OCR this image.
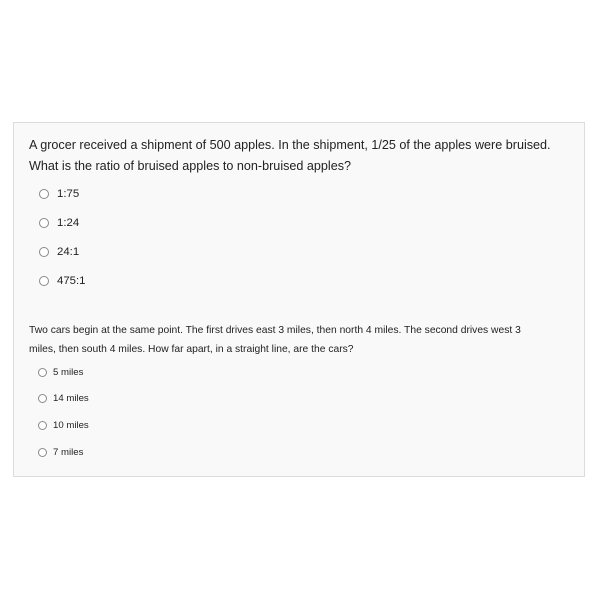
A grocer received a shipment of 500 apples. In the shipment, 1/25 of the apples were bruised. What is the ratio of bruised apples to non-bruised apples?

1:75
1:24
24:1
475:1

Two cars begin at the same point. The first drives east 3 miles, then north 4 miles. The second drives west 3 miles, then south 4 miles. How far apart, in a straight line, are the cars?

5 miles
14 miles
10 miles
7 miles
